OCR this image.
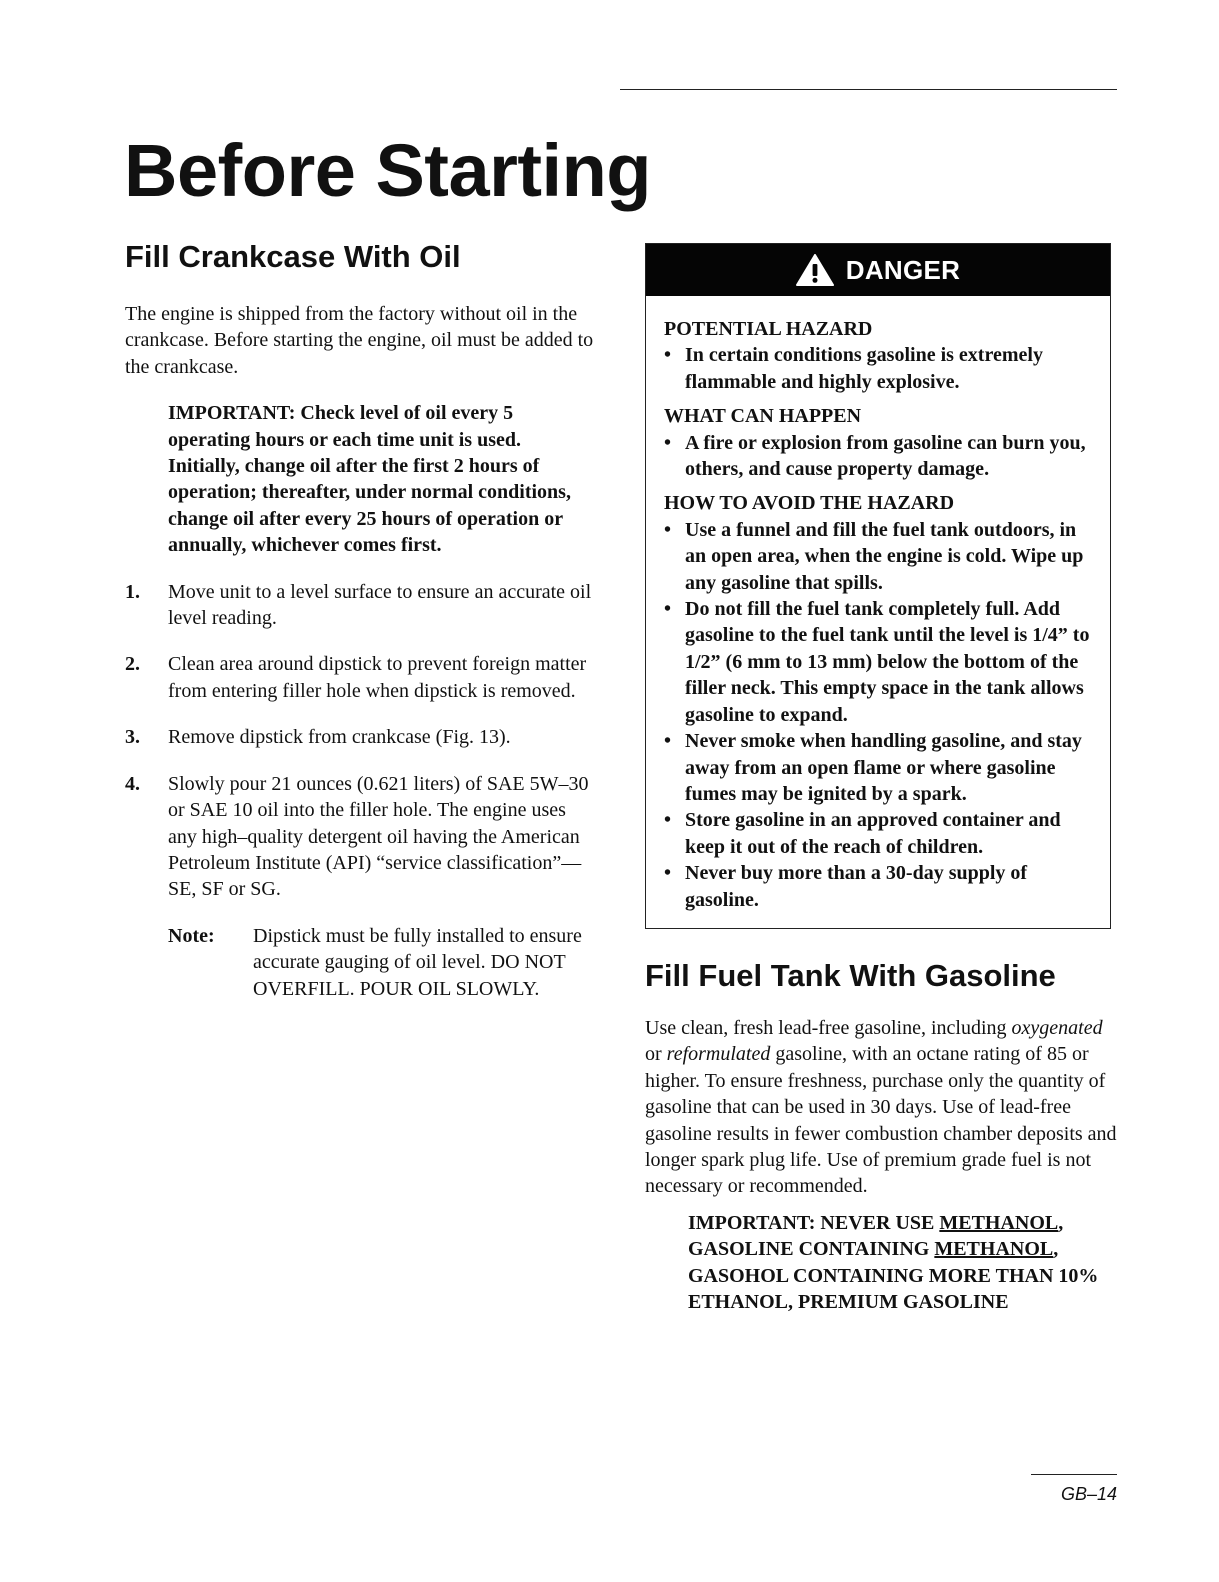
Before Starting
Fill Crankcase With Oil
The engine is shipped from the factory without oil in the crankcase. Before starting the engine, oil must be added to the crankcase.
IMPORTANT: Check level of oil every 5 operating hours or each time unit is used. Initially, change oil after the first 2 hours of operation; thereafter, under normal conditions, change oil after every 25 hours of operation or annually, whichever comes first.
1.	Move unit to a level surface to ensure an accurate oil level reading.
2.	Clean area around dipstick to prevent foreign matter from entering filler hole when dipstick is removed.
3.	Remove dipstick from crankcase (Fig. 13).
4.	Slowly pour 21 ounces (0.621 liters) of SAE 5W–30 or SAE 10 oil into the filler hole. The engine uses any high–quality detergent oil having the American Petroleum Institute (API) “service classification”—SE, SF or SG.
Note:	Dipstick must be fully installed to ensure accurate gauging of oil level. DO NOT OVERFILL. POUR OIL SLOWLY.
DANGER
POTENTIAL HAZARD
• In certain conditions gasoline is extremely flammable and highly explosive.
WHAT CAN HAPPEN
• A fire or explosion from gasoline can burn you, others, and cause property damage.
HOW TO AVOID THE HAZARD
• Use a funnel and fill the fuel tank outdoors, in an open area, when the engine is cold. Wipe up any gasoline that spills.
• Do not fill the fuel tank completely full. Add gasoline to the fuel tank until the level is 1/4” to 1/2” (6 mm to 13 mm) below the bottom of the filler neck. This empty space in the tank allows gasoline to expand.
• Never smoke when handling gasoline, and stay away from an open flame or where gasoline fumes may be ignited by a spark.
• Store gasoline in an approved container and keep it out of the reach of children.
• Never buy more than a 30-day supply of gasoline.
Fill Fuel Tank With Gasoline
Use clean, fresh lead-free gasoline, including oxygenated or reformulated gasoline, with an octane rating of 85 or higher. To ensure freshness, purchase only the quantity of gasoline that can be used in 30 days. Use of lead-free gasoline results in fewer combustion chamber deposits and longer spark plug life. Use of premium grade fuel is not necessary or recommended.
IMPORTANT: NEVER USE METHANOL, GASOLINE CONTAINING METHANOL, GASOHOL CONTAINING MORE THAN 10% ETHANOL, PREMIUM GASOLINE
GB–14
